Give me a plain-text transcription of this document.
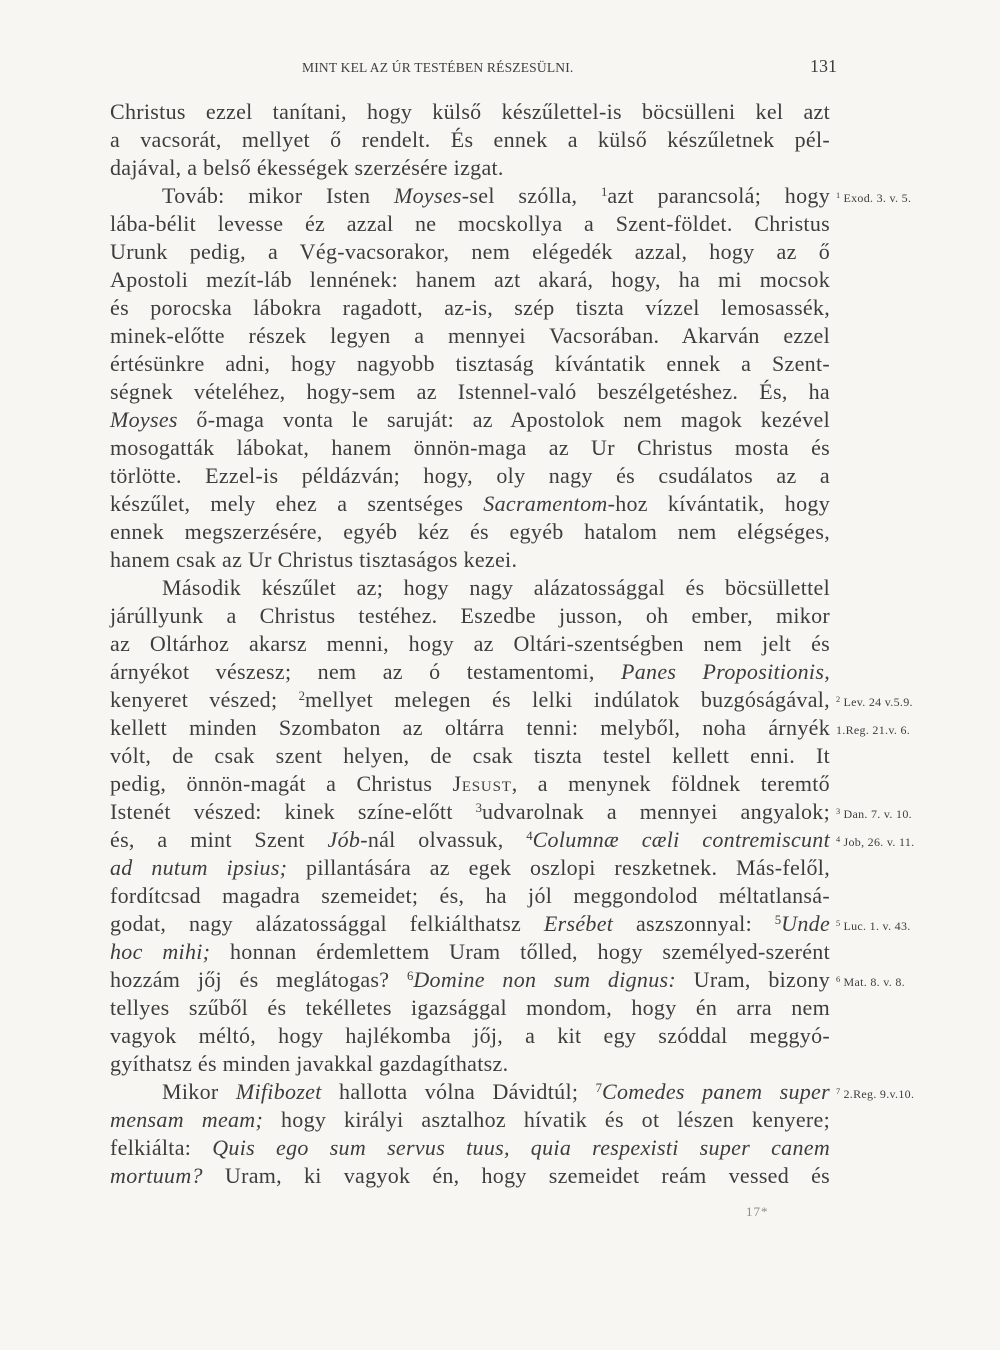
MINT KEL AZ ÚR TESTÉBEN RÉSZESÜLNI.	131
Christus ezzel tanítani, hogy külső készűlettel-is böcsülleni kel azt
a vacsorát, mellyet ő rendelt. És ennek a külső készűletnek pél-
dajával, a belső ékességek szerzésére izgat.
Továb: mikor Isten Moyses-sel szólla, $^1$azt parancsolá; hogy $^1$ Exod. 3. v. 5.
lába-bélit levesse éz azzal ne mocskollya a Szent-földet. Christus
Urunk pedig, a Vég-vacsorakor, nem elégedék azzal, hogy az ő
Apostoli mezít-láb lennének: hanem azt akará, hogy, ha mi mocsok
és porocska lábokra ragadott, az-is, szép tiszta vízzel lemosassék,
minek-előtte részek legyen a mennyei Vacsorában. Akarván ezzel
értésünkre adni, hogy nagyobb tisztaság kívántatik ennek a Szent-
ségnek vételéhez, hogy-sem az Istennel-való beszélgetéshez. És, ha
Moyses ő-maga vonta le saruját: az Apostolok nem magok kezével
mosogatták lábokat, hanem önnön-maga az Ur Christus mosta és
törlötte. Ezzel-is példázván; hogy, oly nagy és csudálatos az a
készűlet, mely ehez a szentséges Sacramentom-hoz kívántatik, hogy
ennek megszerzésére, egyéb kéz és egyéb hatalom nem elégséges,
hanem csak az Ur Christus tisztaságos kezei.
Második készűlet az; hogy nagy alázatossággal és böcsüllettel
járúllyunk a Christus testéhez. Eszedbe jusson, oh ember, mikor
az Oltárhoz akarsz menni, hogy az Oltári-szentségben nem jelt és
árnyékot vészesz; nem az ó testamentomi, Panes Propositionis,
kenyeret vészed; $^2$mellyet melegen és lelki indúlatok buzgóságával, $^2$ Lev. 24 v.5.9.
kellett minden Szombaton az oltárra tenni: melyből, noha árnyék 1.Reg. 21.v. 6.
vólt, de csak szent helyen, de csak tiszta testel kellett enni. It
pedig, önnön-magát a Christus Jesust, a menynek földnek teremtő
Istenét vészed: kinek színe-előtt $^3$udvarolnak a mennyei angyalok; $^3$ Dan. 7. v. 10.
és, a mint Szent Jób-nál olvassuk, $^4$Columnæ cæli contremiscunt $^4$ Job, 26. v. 11.
ad nutum ipsius; pillantására az egek oszlopi reszketnek. Más-felől,
fordítcsad magadra szemeidet; és, ha jól meggondolod méltatlansá-
godat, nagy alázatossággal felkiálthatsz Ersébet aszszonnyal: $^5$Unde $^5$ Luc. 1. v. 43.
hoc mihi; honnan érdemlettem Uram tőlled, hogy személyed-szerént
hozzám jőj és meglátogas? $^6$Domine non sum dignus: Uram, bizony $^6$ Mat. 8. v. 8.
tellyes szűből és tekélletes igazsággal mondom, hogy én arra nem
vagyok méltó, hogy hajlékomba jőj, a kit egy szóddal meggyó-
gyíthatsz és minden javakkal gazdagíthatsz.
Mikor Mifibozet hallotta vólna Dávidtúl; $^7$Comedes panem super $^7$ 2.Reg. 9.v.10.
mensam meam; hogy királyi asztalhoz hívatik és ot lészen kenyere;
felkiálta: Quis ego sum servus tuus, quia respexisti super canem
mortuum? Uram, ki vagyok én, hogy szemeidet reám vessed és
17*
